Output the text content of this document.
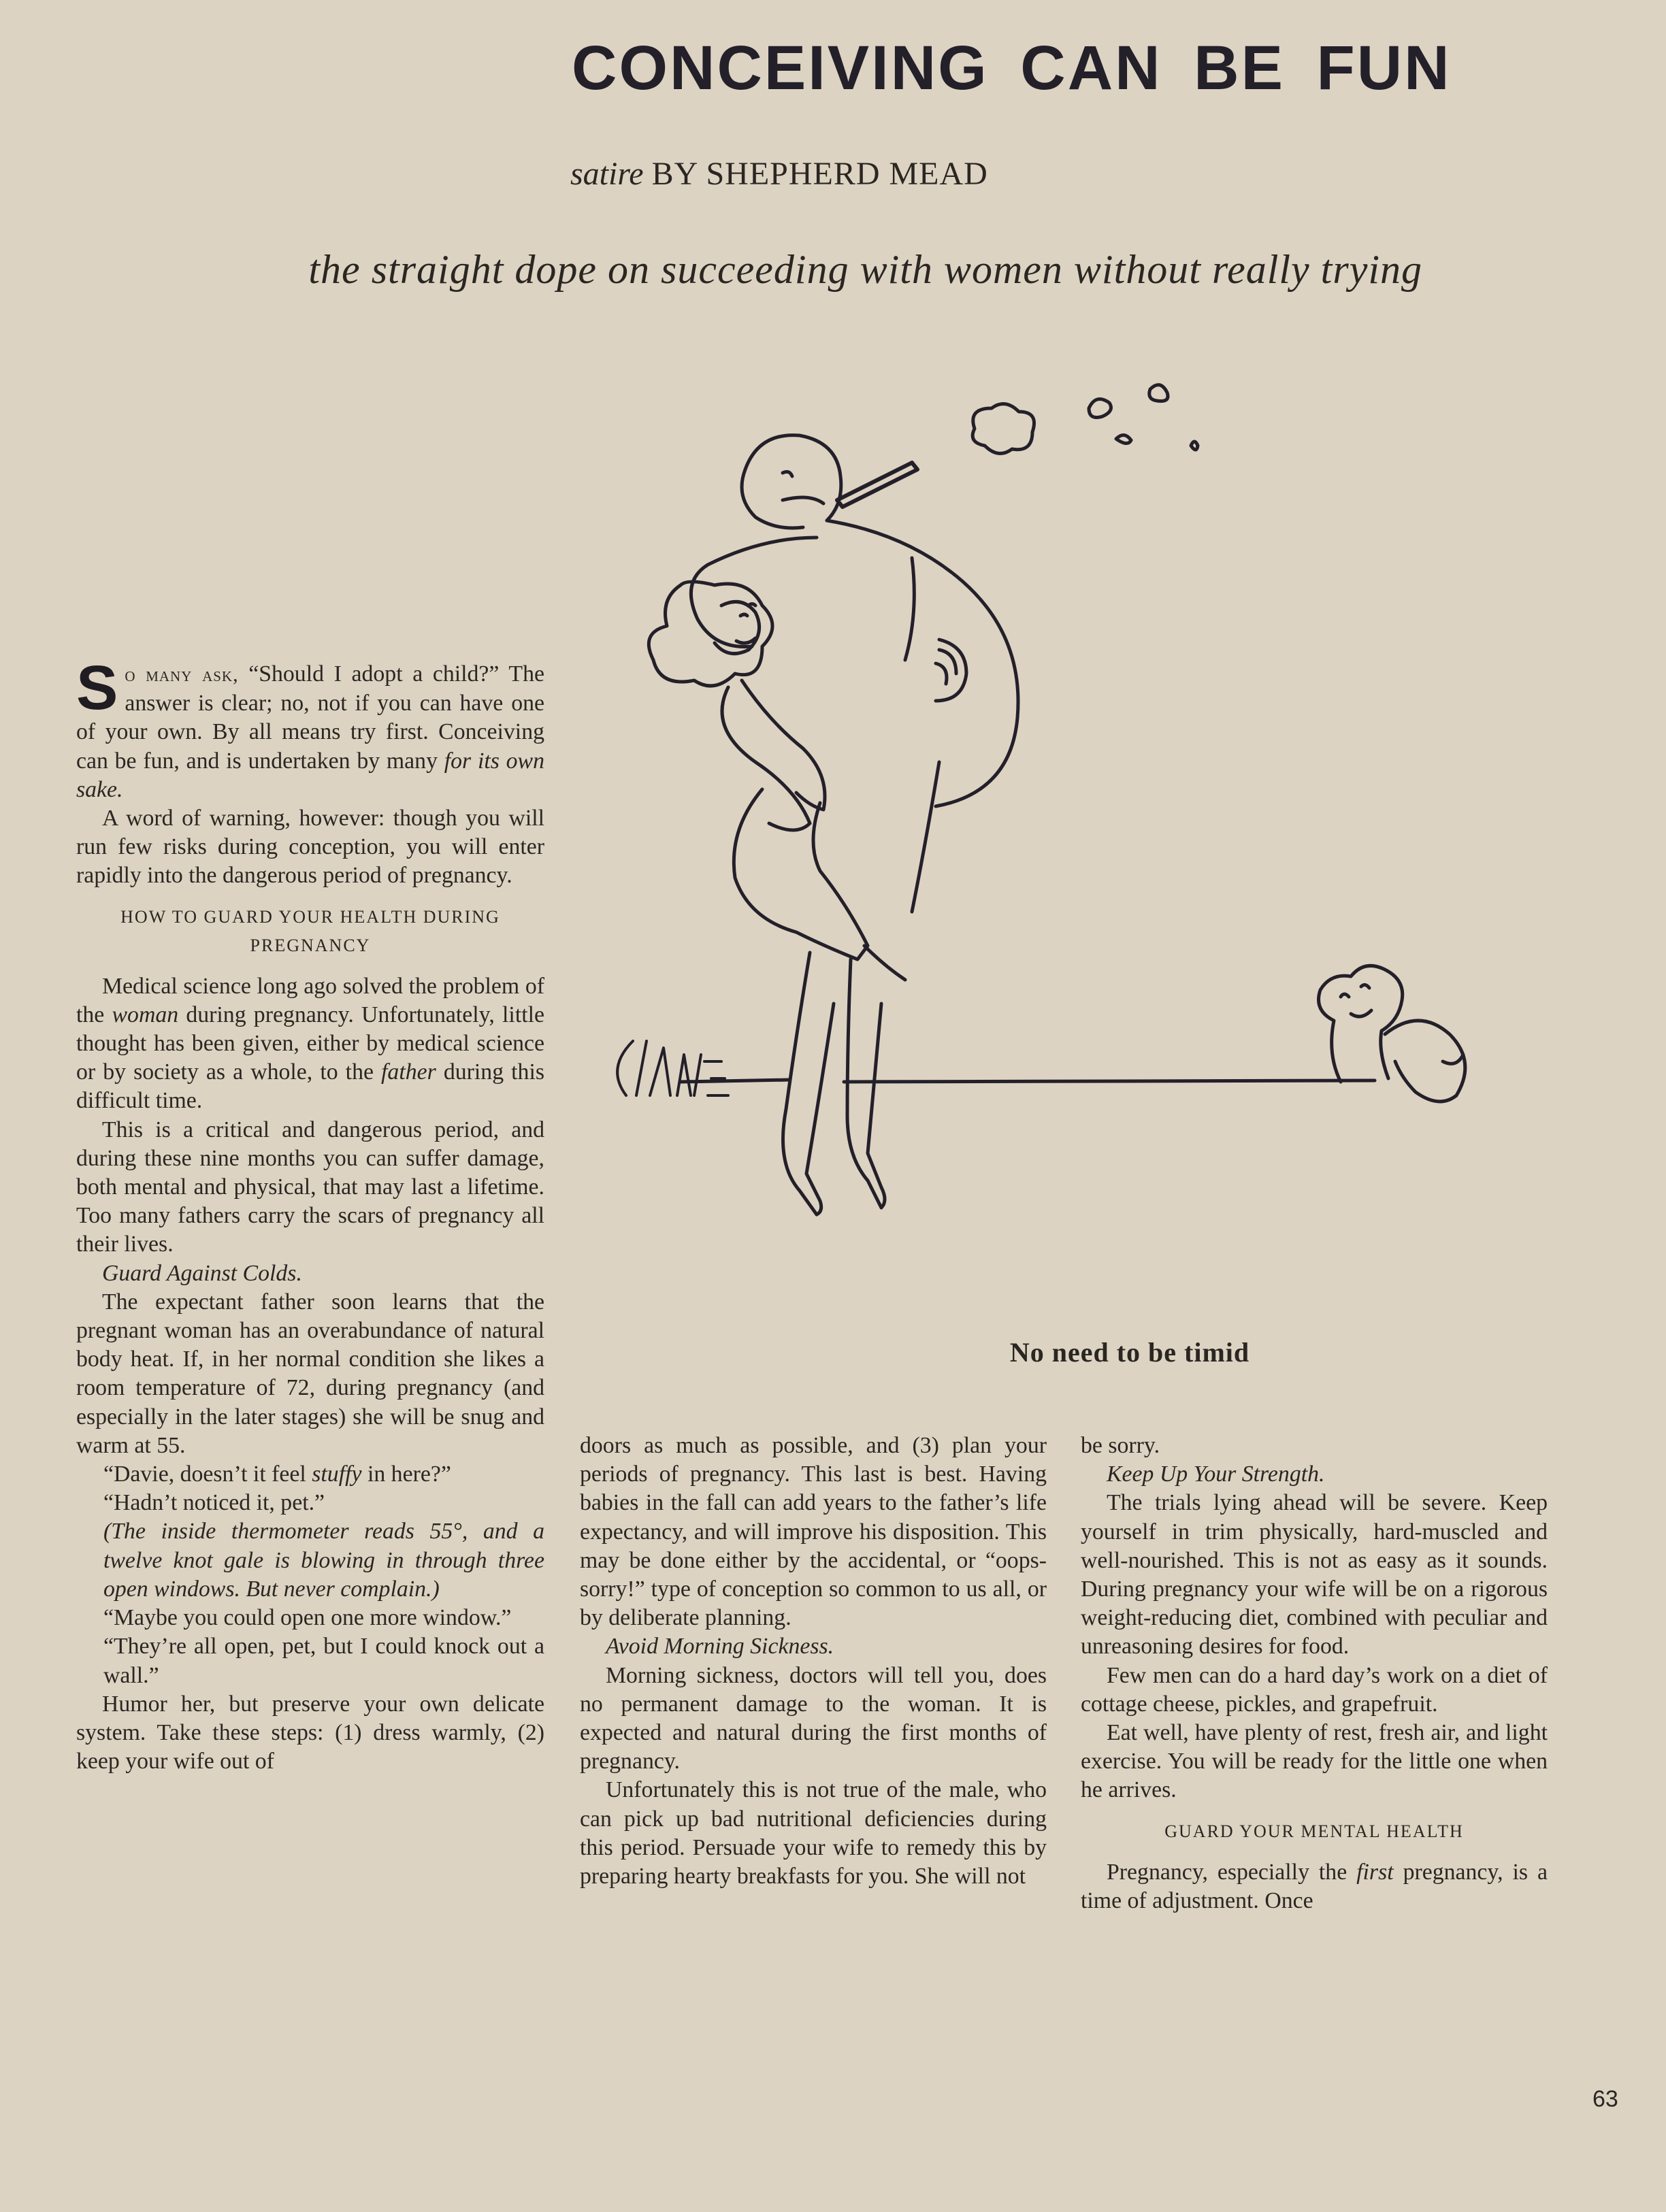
CONCEIVING CAN BE FUN
satire BY SHEPHERD MEAD
the straight dope on succeeding with women without really trying
No need to be timid

So many ask, “Should I adopt a child?” The answer is clear; no, not if you can have one of your own. By all means try first. Conceiving can be fun, and is undertaken by many for its own sake.

A word of warning, however: though you will run few risks during conception, you will enter rapidly into the dangerous period of pregnancy.

HOW TO GUARD YOUR HEALTH DURING PREGNANCY

Medical science long ago solved the problem of the woman during pregnancy. Unfortunately, little thought has been given, either by medical science or by society as a whole, to the father during this difficult time.

This is a critical and dangerous period, and during these nine months you can suffer damage, both mental and physical, that may last a lifetime. Too many fathers carry the scars of pregnancy all their lives.

Guard Against Colds.

The expectant father soon learns that the pregnant woman has an overabundance of natural body heat. If, in her normal condition she likes a room temperature of 72, during pregnancy (and especially in the later stages) she will be snug and warm at 55.

“Davie, doesn’t it feel stuffy in here?”

“Hadn’t noticed it, pet.”

(The inside thermometer reads 55°, and a twelve knot gale is blowing in through three open windows. But never complain.)

“Maybe you could open one more window.”

“They’re all open, pet, but I could knock out a wall.”

Humor her, but preserve your own delicate system. Take these steps: (1) dress warmly, (2) keep your wife out of

doors as much as possible, and (3) plan your periods of pregnancy. This last is best. Having babies in the fall can add years to the father’s life expectancy, and will improve his disposition. This may be done either by the accidental, or “oops-sorry!” type of conception so common to us all, or by deliberate planning.

Avoid Morning Sickness.

Morning sickness, doctors will tell you, does no permanent damage to the woman. It is expected and natural during the first months of pregnancy.

Unfortunately this is not true of the male, who can pick up bad nutritional deficiencies during this period. Persuade your wife to remedy this by preparing hearty breakfasts for you. She will not

be sorry.

Keep Up Your Strength.

The trials lying ahead will be severe. Keep yourself in trim physically, hard-muscled and well-nourished. This is not as easy as it sounds. During pregnancy your wife will be on a rigorous weight-reducing diet, combined with peculiar and unreasoning desires for food.

Few men can do a hard day’s work on a diet of cottage cheese, pickles, and grapefruit.

Eat well, have plenty of rest, fresh air, and light exercise. You will be ready for the little one when he arrives.

GUARD YOUR MENTAL HEALTH

Pregnancy, especially the first pregnancy, is a time of adjustment. Once

63
